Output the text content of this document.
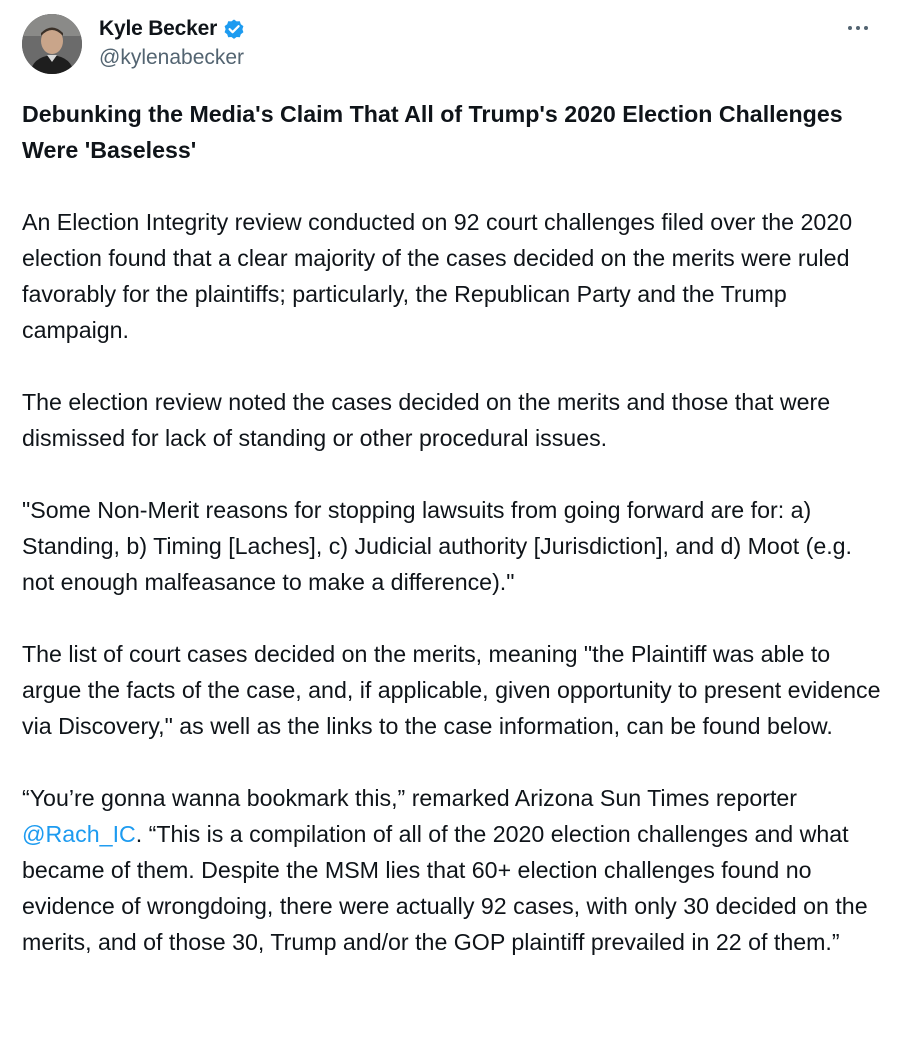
Kyle Becker
@kylenabecker
Debunking the Media's Claim That All of Trump's 2020 Election Challenges Were 'Baseless'

An Election Integrity review conducted on 92 court challenges filed over the 2020 election found that a clear majority of the cases decided on the merits were ruled favorably for the plaintiffs; particularly, the Republican Party and the Trump campaign.

The election review noted the cases decided on the merits and those that were dismissed for lack of standing or other procedural issues.

"Some Non-Merit reasons for stopping lawsuits from going forward are for: a) Standing, b) Timing [Laches], c) Judicial authority [Jurisdiction], and d) Moot (e.g. not enough malfeasance to make a difference)."

The list of court cases decided on the merits, meaning "the Plaintiff was able to argue the facts of the case, and, if applicable, given opportunity to present evidence via Discovery," as well as the links to the case information, can be found below.

“You’re gonna wanna bookmark this,” remarked Arizona Sun Times reporter @Rach_IC. “This is a compilation of all of the 2020 election challenges and what became of them. Despite the MSM lies that 60+ election challenges found no evidence of wrongdoing, there were actually 92 cases, with only 30 decided on the merits, and of those 30, Trump and/or the GOP plaintiff prevailed in 22 of them.”
